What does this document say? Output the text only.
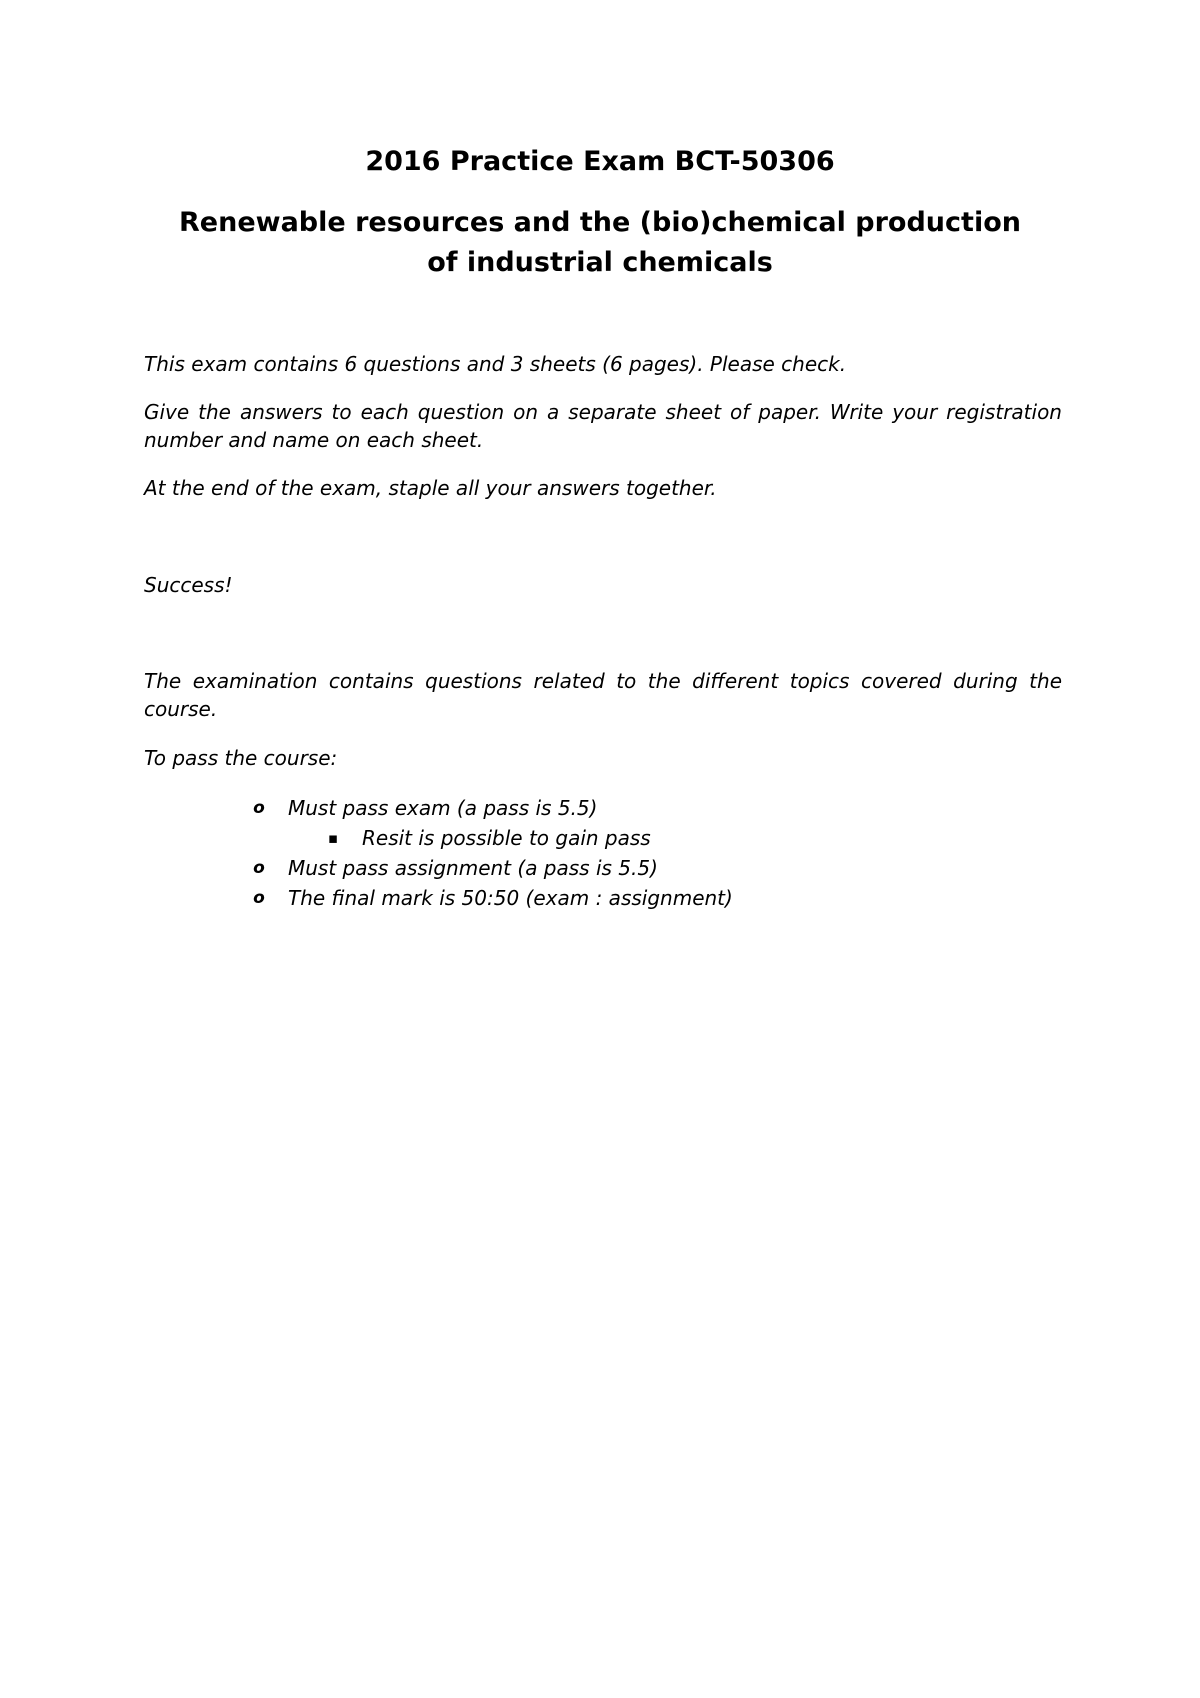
2016 Practice Exam BCT-50306
Renewable resources and the (bio)chemical production
of industrial chemicals

This exam contains 6 questions and 3 sheets (6 pages). Please check.

Give the answers to each question on a separate sheet of paper. Write your registration number and name on each sheet.

At the end of the exam, staple all your answers together.

Success!

The examination contains questions related to the different topics covered during the course.

To pass the course:

o Must pass exam (a pass is 5.5)
▪ Resit is possible to gain pass
o Must pass assignment (a pass is 5.5)
o The final mark is 50:50 (exam : assignment)
